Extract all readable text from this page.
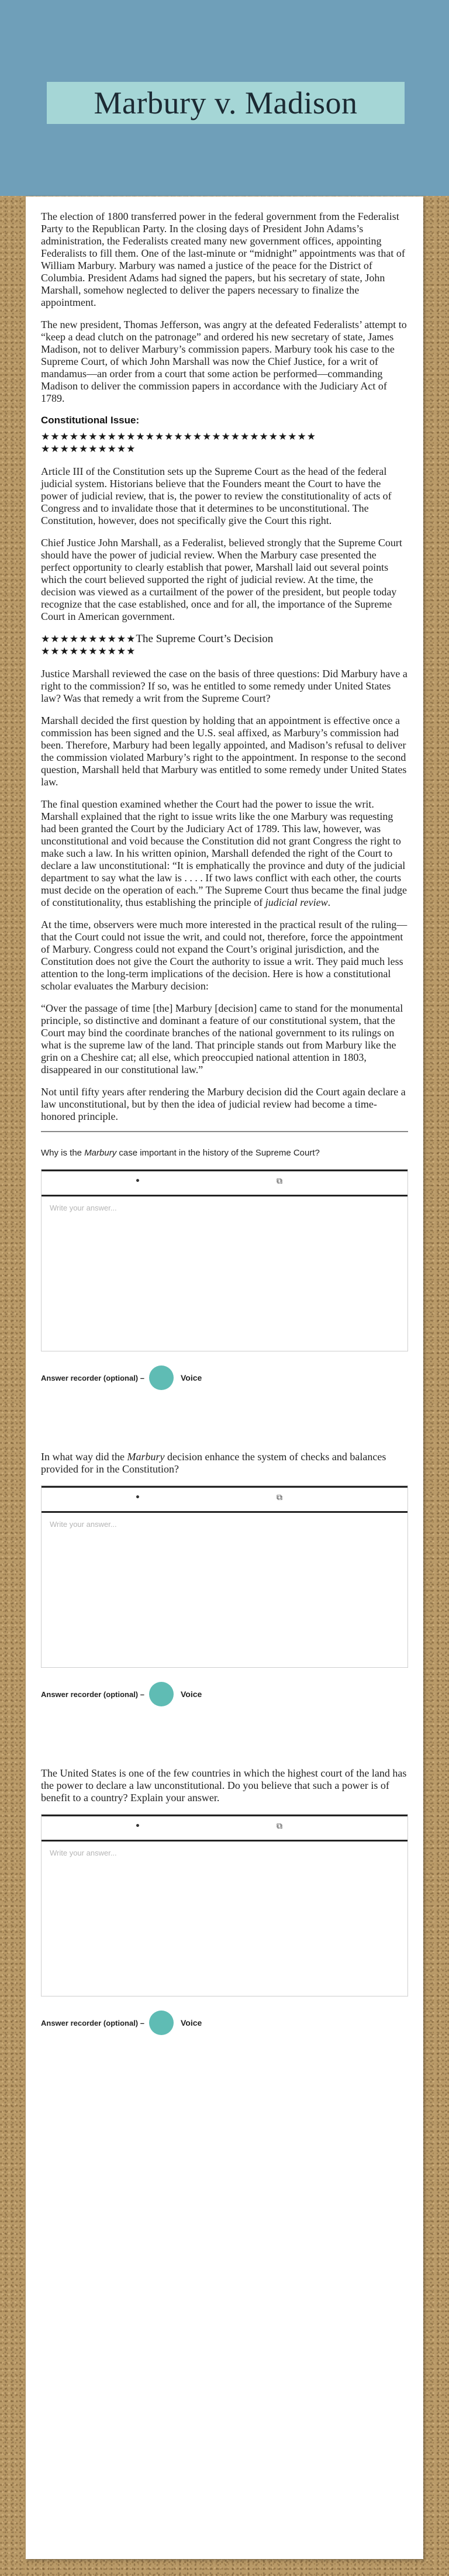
Marbury v. Madison

The election of 1800 transferred power in the federal government from the Federalist Party to the Republican Party. In the closing days of President John Adams’s administration, the Federalists created many new government offices, appointing Federalists to fill them. One of the last-minute or “midnight” appointments was that of William Marbury. Marbury was named a justice of the peace for the District of Columbia. President Adams had signed the papers, but his secretary of state, John Marshall, somehow neglected to deliver the papers necessary to finalize the appointment.

The new president, Thomas Jefferson, was angry at the defeated Federalists’ attempt to “keep a dead clutch on the patronage” and ordered his new secretary of state, James Madison, not to deliver Marbury’s commission papers. Marbury took his case to the Supreme Court, of which John Marshall was now the Chief Justice, for a writ of mandamus—an order from a court that some action be performed—commanding Madison to deliver the commission papers in accordance with the Judiciary Act of 1789.

Constitutional Issue:
★★★★★★★★★★★★★★★★★★★★★★★★★★★★★
★★★★★★★★★★

Article III of the Constitution sets up the Supreme Court as the head of the federal judicial system. Historians believe that the Founders meant the Court to have the power of judicial review, that is, the power to review the constitutionality of acts of Congress and to invalidate those that it determines to be unconstitutional. The Constitution, however, does not specifically give the Court this right.

Chief Justice John Marshall, as a Federalist, believed strongly that the Supreme Court should have the power of judicial review. When the Marbury case presented the perfect opportunity to clearly establish that power, Marshall laid out several points which the court believed supported the right of judicial review. At the time, the decision was viewed as a curtailment of the power of the president, but people today recognize that the case established, once and for all, the importance of the Supreme Court in American government.

★★★★★★★★★★The Supreme Court’s Decision
★★★★★★★★★★

Justice Marshall reviewed the case on the basis of three questions: Did Marbury have a right to the commission? If so, was he entitled to some remedy under United States law? Was that remedy a writ from the Supreme Court?

Marshall decided the first question by holding that an appointment is effective once a commission has been signed and the U.S. seal affixed, as Marbury’s commission had been. Therefore, Marbury had been legally appointed, and Madison’s refusal to deliver the commission violated Marbury’s right to the appointment. In response to the second question, Marshall held that Marbury was entitled to some remedy under United States law.

The final question examined whether the Court had the power to issue the writ. Marshall explained that the right to issue writs like the one Marbury was requesting had been granted the Court by the Judiciary Act of 1789. This law, however, was unconstitutional and void because the Constitution did not grant Congress the right to make such a law. In his written opinion, Marshall defended the right of the Court to declare a law unconstitutional: “It is emphatically the province and duty of the judicial department to say what the law is . . . . If two laws conflict with each other, the courts must decide on the operation of each.” The Supreme Court thus became the final judge of constitutionality, thus establishing the principle of judicial review.

At the time, observers were much more interested in the practical result of the ruling—that the Court could not issue the writ, and could not, therefore, force the appointment of Marbury. Congress could not expand the Court’s original jurisdiction, and the Constitution does not give the Court the authority to issue a writ. They paid much less attention to the long-term implications of the decision. Here is how a constitutional scholar evaluates the Marbury decision:

“Over the passage of time [the] Marbury [decision] came to stand for the monumental principle, so distinctive and dominant a feature of our constitutional system, that the Court may bind the coordinate branches of the national government to its rulings on what is the supreme law of the land. That principle stands out from Marbury like the grin on a Cheshire cat; all else, which preoccupied national attention in 1803, disappeared in our constitutional law.”

Not until fifty years after rendering the Marbury decision did the Court again declare a law unconstitutional, but by then the idea of judicial review had become a time-honored principle.

Why is the Marbury case important in the history of the Supreme Court?

•	⧉
Write your answer...
Answer recorder (optional) –	Voice

In what way did the Marbury decision enhance the system of checks and balances provided for in the Constitution?

•	⧉
Write your answer...
Answer recorder (optional) –	Voice

The United States is one of the few countries in which the highest court of the land has the power to declare a law unconstitutional. Do you believe that such a power is of benefit to a country? Explain your answer.

•	⧉
Write your answer...
Answer recorder (optional) –	Voice
